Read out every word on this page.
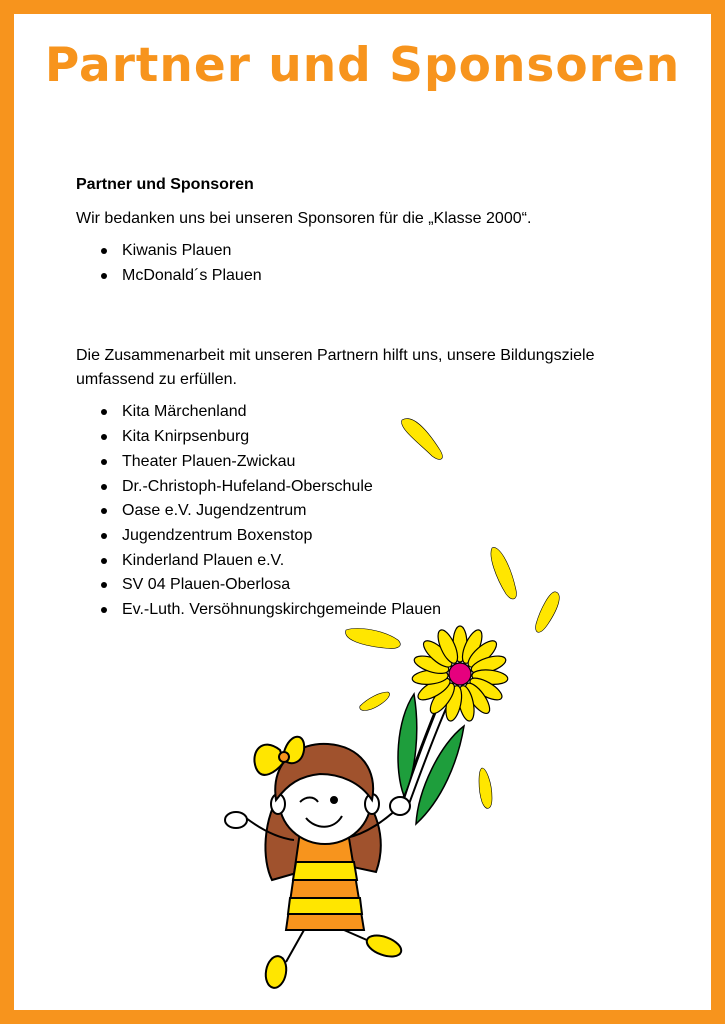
Partner und Sponsoren

Partner und Sponsoren

Wir bedanken uns bei unseren Sponsoren für die „Klasse 2000“.

Kiwanis Plauen
McDonald´s Plauen

Die Zusammenarbeit mit unseren Partnern hilft uns, unsere Bildungsziele umfassend zu erfüllen.

Kita Märchenland
Kita Knirpsenburg
Theater Plauen-Zwickau
Dr.-Christoph-Hufeland-Oberschule
Oase e.V. Jugendzentrum
Jugendzentrum Boxenstop
Kinderland Plauen e.V.
SV 04 Plauen-Oberlosa
Ev.-Luth. Versöhnungskirchgemeinde Plauen
